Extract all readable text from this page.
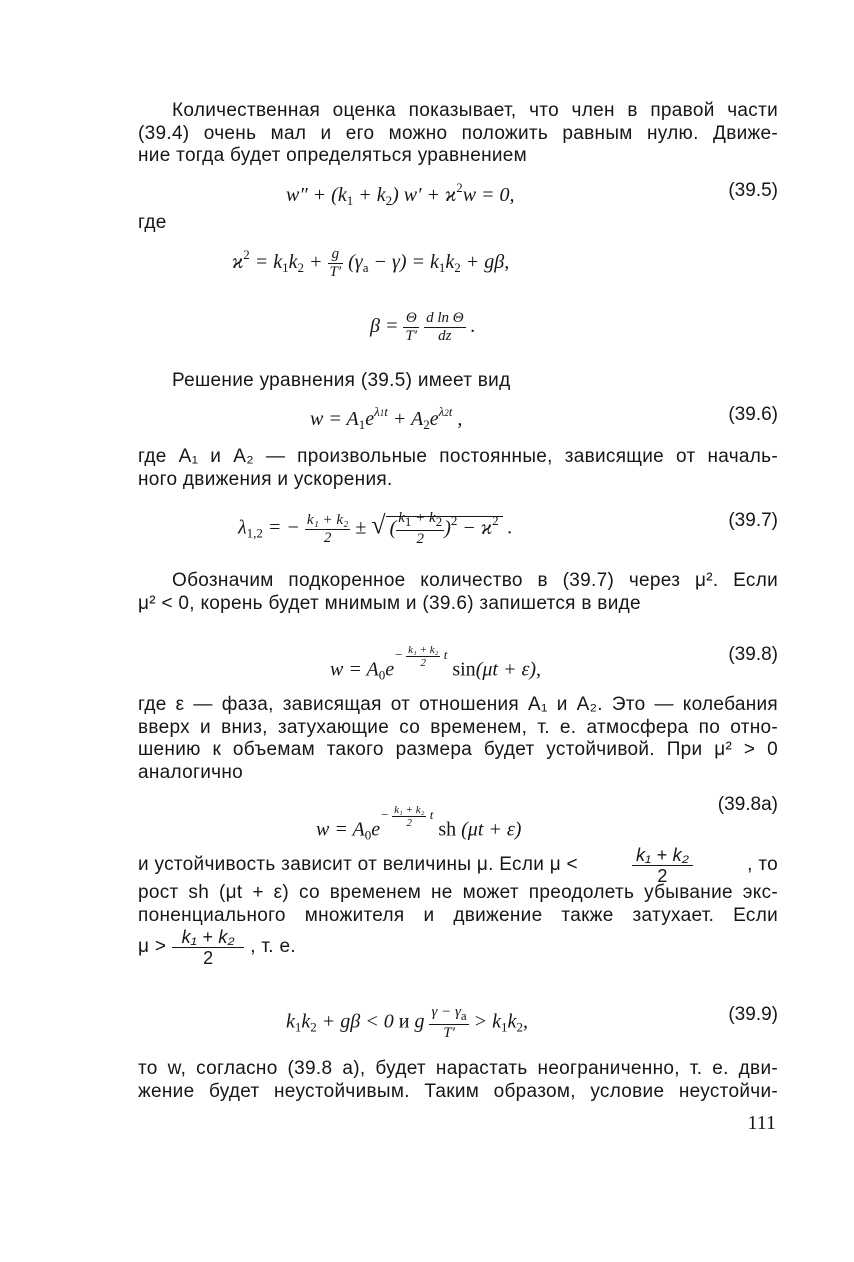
Количественная оценка показывает, что член в правой части
(39.4) очень мал и его можно положить равным нулю. Движе-
ние тогда будет определяться уравнением
$w'' + (k_1 + k_2) w' + ϰ^2w = 0$,	(39.5)
где
$ϰ^2 = k_1k_2 + \frac{g}{T'} (\gamma_a - \gamma) = k_1k_2 + g\beta$,
$\beta = \frac{\Theta}{T'}$
$\frac{\text{d ln Θ}}{dz}$ .
Решение уравнения (39.5) имеет вид
$w = A_1e^{\lambda 1t} + A_2e^{\lambda 2t}$ ,	(39.6)
где A₁ и A₂ — произвольные постоянные, зависящие от началь-
ного движения и ускорения.
$\lambda_{1,2}$ = − $\frac{\text{k₁ + k₂}}{2}$ ± √ ( $\frac{k1 + k2}{2} )^2 - ϰ^2$ .	(39.7)
Обозначим подкоренное количество в (39.7) через μ². Если
μ² < 0, корень будет мнимым и (39.6) запишется в виде
$w = A_0e^{- \frac{\text{k₁ + k₂}}{2} t}$ sin(μt + ε),
(39.8)
где ε — фаза, зависящая от отношения A₁ и A₂. Это — колебания
вверх и вниз, затухающие со временем, т. е. атмосфера по отно-
шению к объемам такого размера будет устойчивой. При μ² > 0
аналогично
$w = A_0e^{- \frac{\text{k₁ + k₂}}{2} t}$ sh (μt + ε)
(39.8a)
и устойчивость зависит от величины μ. Если μ <	$\frac{\text{k₁ + k₂}}{2}$	, то
рост sh (μt + ε) со временем не может преодолеть убывание экс-
поненциального множителя и движение также затухает. Если
$\mu > \frac{\text{k₁ + k₂}}{2}$ , т. е.
$k_1k_2 + g\beta < 0$ и g $\frac{\gamma - \gamma a}{T'} > k_1k_2$,	(39.9)
то w, согласно (39.8 a), будет нарастать неограниченно, т. е. дви-
жение будет неустойчивым. Таким образом, условие неустойчи-
111
